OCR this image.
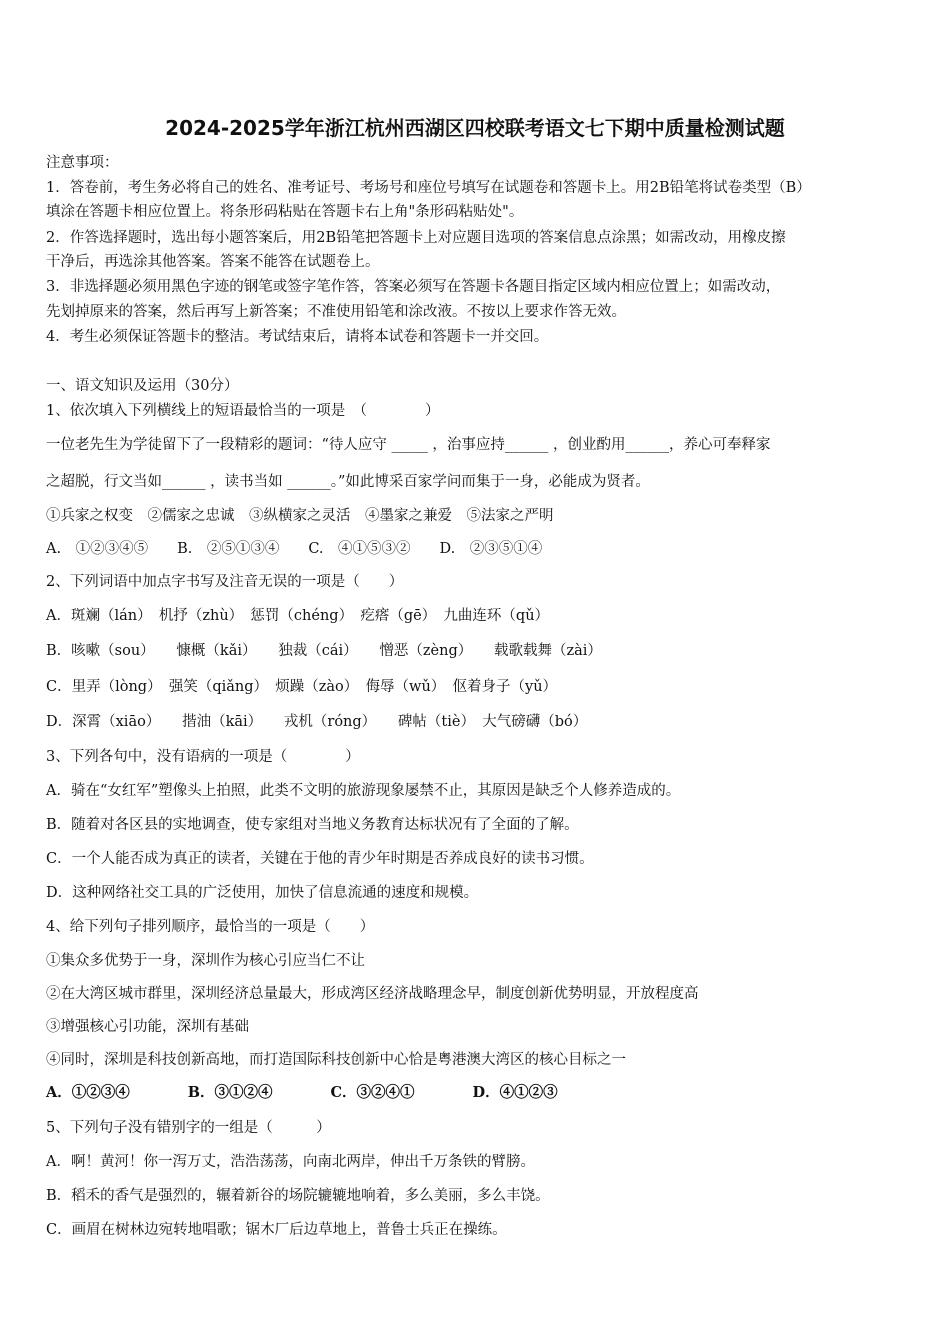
2024-2025学年浙江杭州西湖区四校联考语文七下期中质量检测试题
注意事项：
1．答卷前，考生务必将自己的姓名、准考证号、考场号和座位号填写在试题卷和答题卡上。用2B铅笔将试卷类型（B）
填涂在答题卡相应位置上。将条形码粘贴在答题卡右上角"条形码粘贴处"。
2．作答选择题时，选出每小题答案后，用2B铅笔把答题卡上对应题目选项的答案信息点涂黑；如需改动，用橡皮擦
干净后，再选涂其他答案。答案不能答在试题卷上。
3．非选择题必须用黑色字迹的钢笔或签字笔作答，答案必须写在答题卡各题目指定区域内相应位置上；如需改动，
先划掉原来的答案，然后再写上新答案；不准使用铅笔和涂改液。不按以上要求作答无效。
4．考生必须保证答题卡的整洁。考试结束后，请将本试卷和答题卡一并交回。
一、语文知识及运用（30分）
1、依次填入下列横线上的短语最恰当的一项是　（　　　　）
一位老先生为学徒留下了一段精彩的题词：“待人应守 _____ ，治事应持______ ，创业酌用______，养心可奉释家
之超脱，行文当如______ ，读书当如 ______。”如此博采百家学问而集于一身，必能成为贤者。
①兵家之权变　②儒家之忠诚　③纵横家之灵活　④墨家之兼爱　⑤法家之严明
A.　①②③④⑤　　B.　②⑤①③④　　C.　④①⑤③②　　D.　②③⑤①④
2、下列词语中加点字书写及注音无误的一项是（　　）
A．斑斓（lán）　机抒（zhù）　惩罚（chéng）　疙瘩（gē）　九曲连环（qǔ）
B．咳嗽（sou）　　慷概（kǎi）　　独裁（cái）　　憎恶（zèng）　　载歌载舞（zài）
C．里弄（lòng）　强笑（qiǎng）　烦躁（zào）　侮辱（wǔ）　伛着身子（yǔ）
D．深霄（xiāo）　　揩油（kāi）　　戎机（róng）　　碑帖（tiè）　大气磅礴（bó）
3、下列各句中，没有语病的一项是（　　　　）
A．骑在“女红军”塑像头上拍照，此类不文明的旅游现象屡禁不止，其原因是缺乏个人修养造成的。
B．随着对各区县的实地调查，使专家组对当地义务教育达标状况有了全面的了解。
C．一个人能否成为真正的读者，关键在于他的青少年时期是否养成良好的读书习惯。
D．这种网络社交工具的广泛使用，加快了信息流通的速度和规模。
4、给下列句子排列顺序，最恰当的一项是（　　）
①集众多优势于一身，深圳作为核心引应当仁不让
②在大湾区城市群里，深圳经济总量最大，形成湾区经济战略理念早，制度创新优势明显，开放程度高
③增强核心引功能，深圳有基础
④同时，深圳是科技创新高地，而打造国际科技创新中心恰是粤港澳大湾区的核心目标之一
A．①②③④　　　　B．③①②④　　　　C．③②④①　　　　D．④①②③
5、下列句子没有错别字的一组是（　　　）
A．啊！黄河！你一泻万丈，浩浩荡荡，向南北两岸，伸出千万条铁的臂膀。
B．稻禾的香气是强烈的，辗着新谷的场院辘辘地响着，多么美丽，多么丰饶。
C．画眉在树林边宛转地唱歌；锯木厂后边草地上，普鲁士兵正在操练。
